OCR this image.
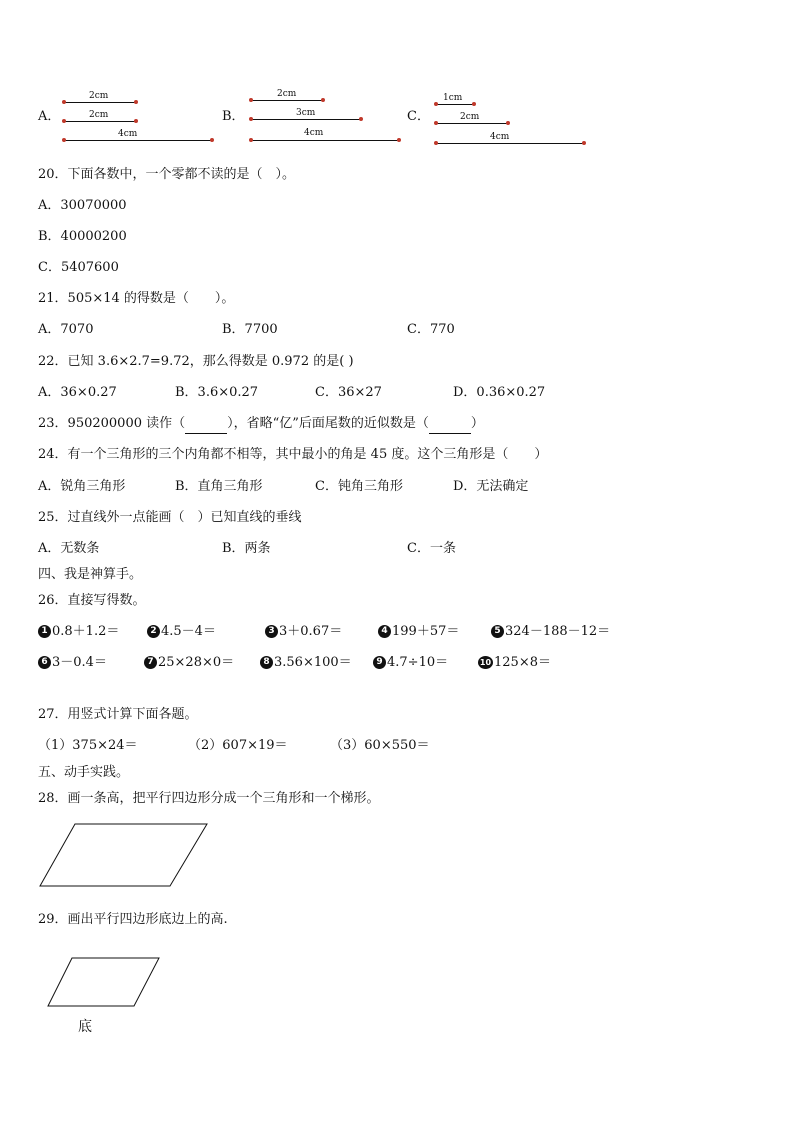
A．
2cm
2cm
4cm
B．
2cm
3cm
4cm
C．
1cm
2cm
4cm
20．下面各数中，一个零都不读的是（　）。
A．30070000
B．40000200
C．5407600
21．505×14 的得数是（　　）。
A．7070	B．7700	C．770
22．已知 3.6×2.7=9.72，那么得数是 0.972 的是( )
A．36×0.27	B．3.6×0.27	C．36×27	D．0.36×0.27
23．950200000 读作（	），省略“亿”后面尾数的近似数是（	）
24．有一个三角形的三个内角都不相等，其中最小的角是 45 度。这个三角形是（　　）
A．锐角三角形	B．直角三角形	C．钝角三角形	D．无法确定
25．过直线外一点能画（　）已知直线的垂线
A．无数条	B．两条	C．一条
四、我是神算手。
26．直接写得数。
1 0.8＋1.2＝	2 4.5－4＝	3 3＋0.67＝	4 199＋57＝	5 324－188－12＝
6 3－0.4＝	7 25×28×0＝	8 3.56×100＝	9 4.7÷10＝	10 125×8＝
27．用竖式计算下面各题。
（1）375×24＝	（2）607×19＝	（3）60×550＝
五、动手实践。
28．画一条高，把平行四边形分成一个三角形和一个梯形。
29．画出平行四边形底边上的高.
底
